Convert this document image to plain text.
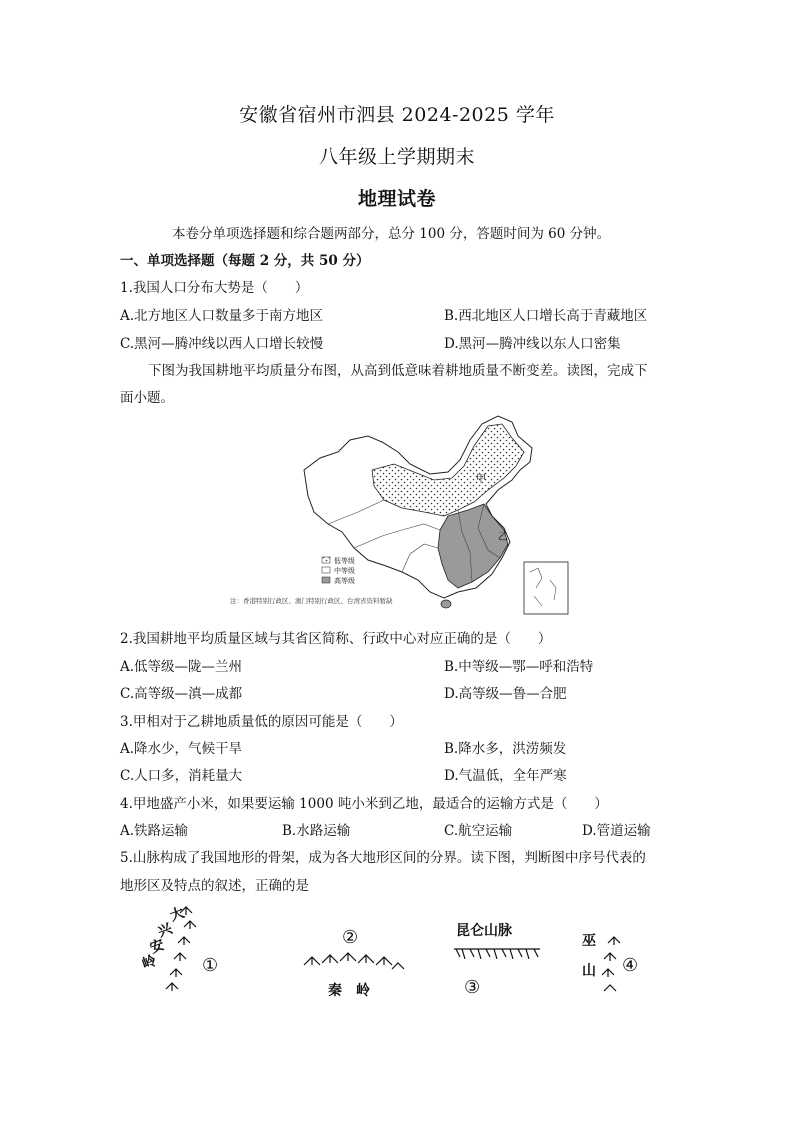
安徽省宿州市泗县 2024-2025 学年
八年级上学期期末
地理试卷
本卷分单项选择题和综合题两部分，总分 100 分，答题时间为 60 分钟。
一、单项选择题（每题 2 分，共 50 分）
1.我国人口分布大势是（　　）
A.北方地区人口数量多于南方地区	B.西北地区人口增长高于青藏地区
C.黑河—腾冲线以西人口增长较慢	D.黑河—腾冲线以东人口密集
下图为我国耕地平均质量分布图，从高到低意味着耕地质量不断变差。读图，完成下
面小题。
甲
乙
低等级
中等级
高等级
注：香港特别行政区、澳门特别行政区、台湾省资料暂缺
2.我国耕地平均质量区域与其省区简称、行政中心对应正确的是（　　）
A.低等级—陇—兰州	B.中等级—鄂—呼和浩特
C.高等级—滇—成都	D.高等级—鲁—合肥
3.甲相对于乙耕地质量低的原因可能是（　　）
A.降水少，气候干旱	B.降水多，洪涝频发
C.人口多，消耗量大	D.气温低，全年严寒
4.甲地盛产小米，如果要运输 1000 吨小米到乙地，最适合的运输方式是（　　）
A.铁路运输	B.水路运输	C.航空运输	D.管道运输
5.山脉构成了我国地形的骨架，成为各大地形区间的分界。读下图，判断图中序号代表的
地形区及特点的叙述，正确的是
大
兴
安
岭 ①
②
秦　岭
昆仑山脉
③
巫
山 ④
